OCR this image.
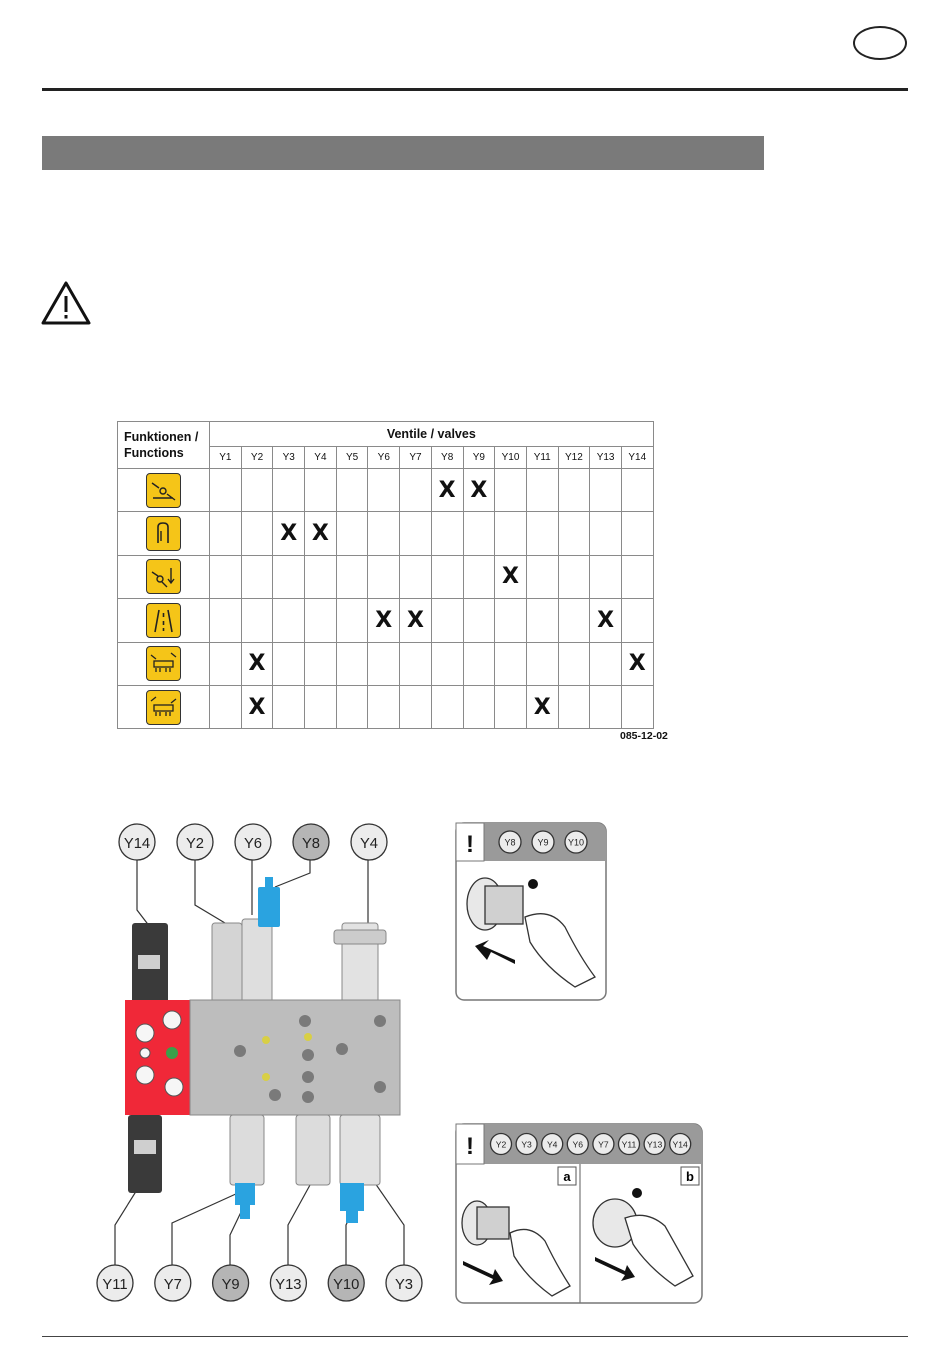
Funktionen / Functions	Ventile / valves													
	Y1	Y2	Y3	Y4	Y5	Y6	Y7	Y8	Y9	Y10	Y11	Y12	Y13	Y14
								X	X					
			X	X										
										X				
						X	X						X	
		X												X
		X									X			
085-12-02
Y14 Y2	Y6	Y8	Y4
Y11 Y7	Y9 Y13 Y10 Y3
!	Y8 Y9 Y10
!	Y2 Y3 Y4 Y6 Y7 Y11 Y13 Y14
a	b
